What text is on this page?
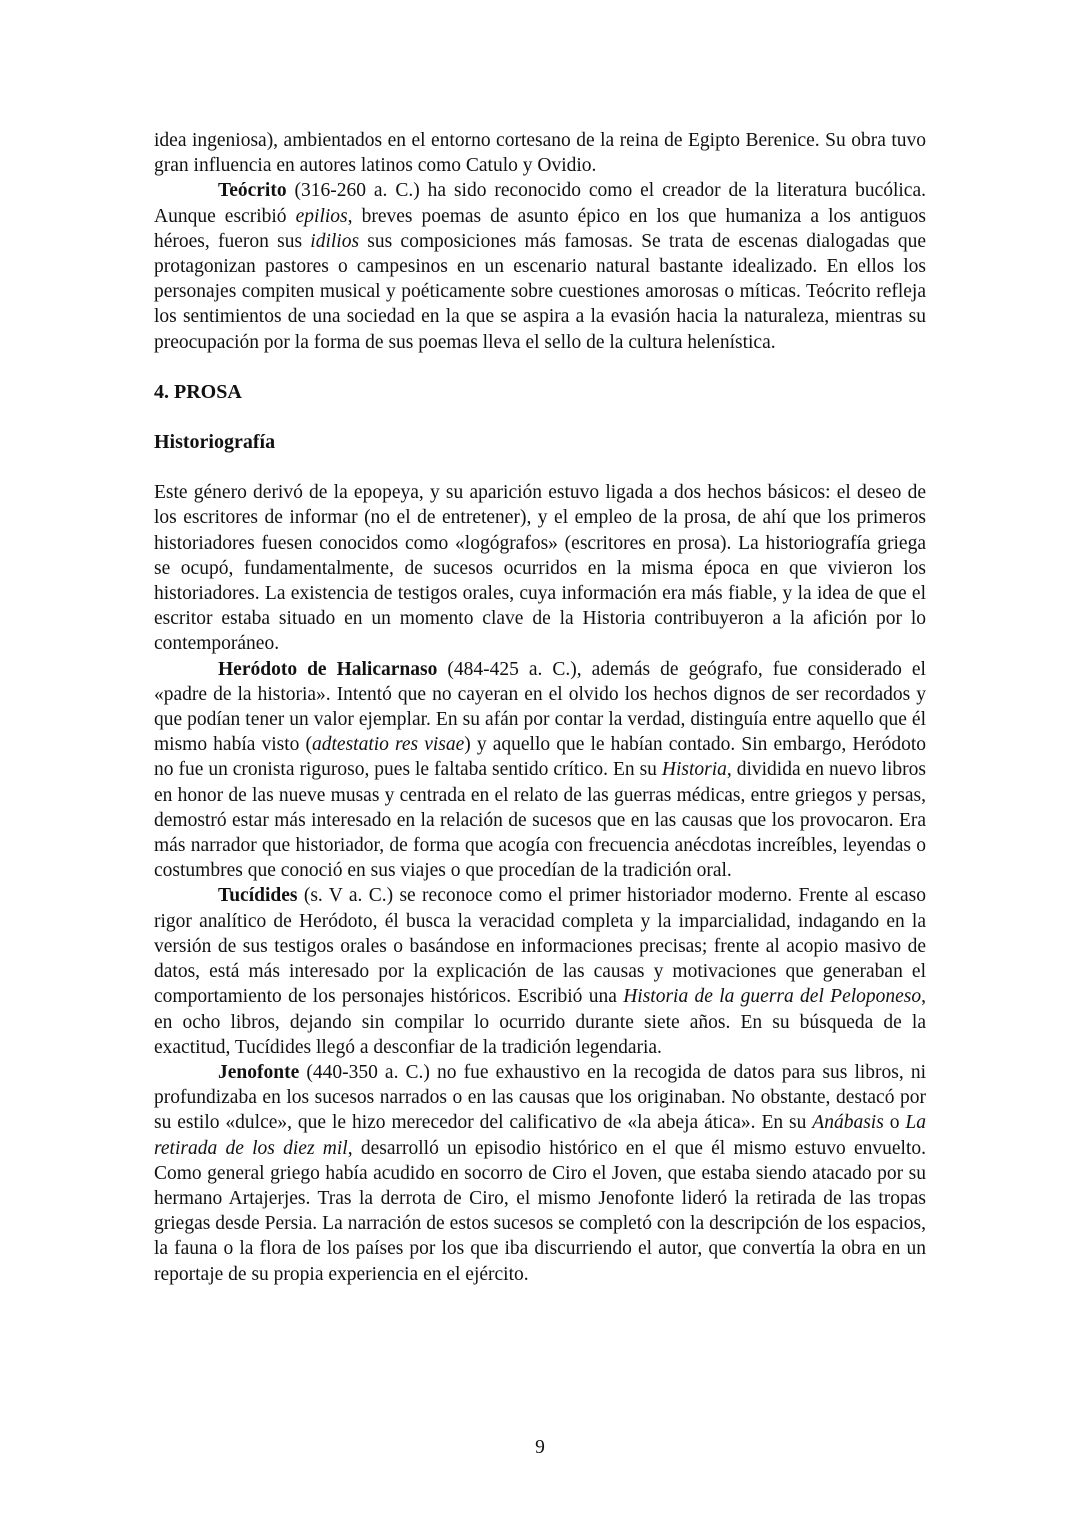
idea ingeniosa), ambientados en el entorno cortesano de la reina de Egipto Berenice. Su obra tuvo gran influencia en autores latinos como Catulo y Ovidio.

Teócrito (316-260 a. C.) ha sido reconocido como el creador de la literatura bucólica. Aunque escribió epilios, breves poemas de asunto épico en los que humaniza a los antiguos héroes, fueron sus idilios sus composiciones más famosas. Se trata de escenas dialogadas que protagonizan pastores o campesinos en un escenario natural bastante idealizado. En ellos los personajes compiten musical y poéticamente sobre cuestiones amorosas o míticas. Teócrito refleja los sentimientos de una sociedad en la que se aspira a la evasión hacia la naturaleza, mientras su preocupación por la forma de sus poemas lleva el sello de la cultura helenística.

4. PROSA
Historiografía

Este género derivó de la epopeya, y su aparición estuvo ligada a dos hechos básicos: el deseo de los escritores de informar (no el de entretener), y el empleo de la prosa, de ahí que los primeros historiadores fuesen conocidos como «logógrafos» (escritores en prosa). La historiografía griega se ocupó, fundamentalmente, de sucesos ocurridos en la misma época en que vivieron los historiadores. La existencia de testigos orales, cuya información era más fiable, y la idea de que el escritor estaba situado en un momento clave de la Historia contribuyeron a la afición por lo contemporáneo.

Heródoto de Halicarnaso (484-425 a. C.), además de geógrafo, fue considerado el «padre de la historia». Intentó que no cayeran en el olvido los hechos dignos de ser recordados y que podían tener un valor ejemplar. En su afán por contar la verdad, distinguía entre aquello que él mismo había visto (adtestatio res visae) y aquello que le habían contado. Sin embargo, Heródoto no fue un cronista riguroso, pues le faltaba sentido crítico. En su Historia, dividida en nuevo libros en honor de las nueve musas y centrada en el relato de las guerras médicas, entre griegos y persas, demostró estar más interesado en la relación de sucesos que en las causas que los provocaron. Era más narrador que historiador, de forma que acogía con frecuencia anécdotas increíbles, leyendas o costumbres que conoció en sus viajes o que procedían de la tradición oral.

Tucídides (s. V a. C.) se reconoce como el primer historiador moderno. Frente al escaso rigor analítico de Heródoto, él busca la veracidad completa y la imparcialidad, indagando en la versión de sus testigos orales o basándose en informaciones precisas; frente al acopio masivo de datos, está más interesado por la explicación de las causas y motivaciones que generaban el comportamiento de los personajes históricos. Escribió una Historia de la guerra del Peloponeso, en ocho libros, dejando sin compilar lo ocurrido durante siete años. En su búsqueda de la exactitud, Tucídides llegó a desconfiar de la tradición legendaria.

Jenofonte (440-350 a. C.) no fue exhaustivo en la recogida de datos para sus libros, ni profundizaba en los sucesos narrados o en las causas que los originaban. No obstante, destacó por su estilo «dulce», que le hizo merecedor del calificativo de «la abeja ática». En su Anábasis o La retirada de los diez mil, desarrolló un episodio histórico en el que él mismo estuvo envuelto. Como general griego había acudido en socorro de Ciro el Joven, que estaba siendo atacado por su hermano Artajerjes. Tras la derrota de Ciro, el mismo Jenofonte lideró la retirada de las tropas griegas desde Persia. La narración de estos sucesos se completó con la descripción de los espacios, la fauna o la flora de los países por los que iba discurriendo el autor, que convertía la obra en un reportaje de su propia experiencia en el ejército.

9
